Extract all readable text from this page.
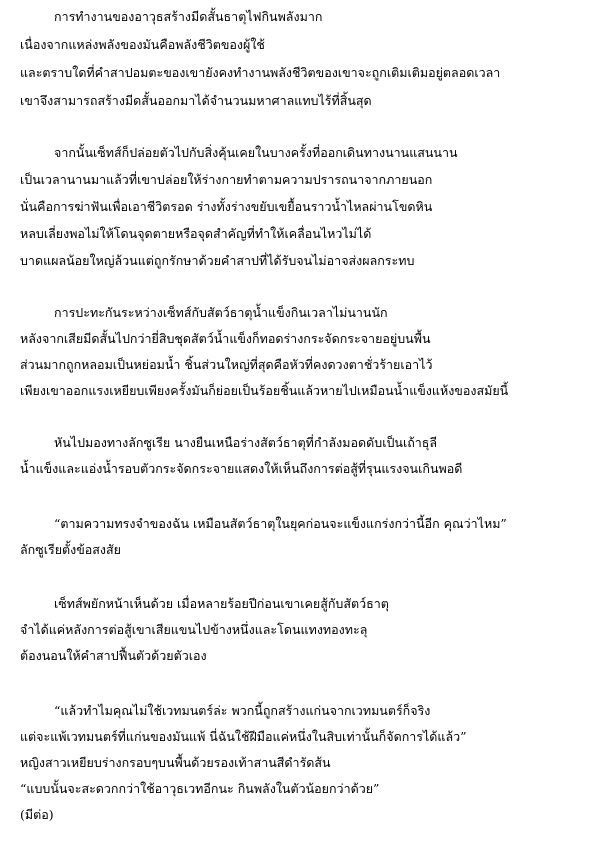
การทำงานของอาวุธสร้างมีดสั้นธาตุไฟกินพลังมาก
เนื่องจากแหล่งพลังของมันคือพลังชีวิตของผู้ใช้
และตราบใดที่คำสาปอมตะของเขายังคงทำงานพลังชีวิตของเขาจะถูกเติมเติมอยู่ตลอดเวลา
เขาจึงสามารถสร้างมีดสั้นออกมาได้จำนวนมหาศาลแทบไร้ที่สิ้นสุด
จากนั้นเซ็ทส์ก็ปล่อยตัวไปกับสิ่งคุ้นเคยในบางครั้งที่ออกเดินทางนานแสนนาน
เป็นเวลานานมาแล้วที่เขาปล่อยให้ร่างกายทำตามความปรารถนาจากภายนอก
นั่นคือการฆ่าฟันเพื่อเอาชีวิตรอด ร่างทั้งร่างขยับเขยื้อนราวน้ำไหลผ่านโขดหิน
หลบเลี่ยงพอไม่ให้โดนจุดตายหรือจุดสำคัญที่ทำให้เคลื่อนไหวไม่ได้
บาดแผลน้อยใหญ่ล้วนแต่ถูกรักษาด้วยคำสาปที่ได้รับจนไม่อาจส่งผลกระทบ
การปะทะกันระหว่างเซ็ทส์กับสัตว์ธาตุน้ำแข็งกินเวลาไม่นานนัก
หลังจากเสียมีดสั้นไปกว่ายี่สิบชุดสัตว์น้ำแข็งก็ทอดร่างกระจัดกระจายอยู่บนพื้น
ส่วนมากถูกหลอมเป็นหย่อมน้ำ ชิ้นส่วนใหญ่ที่สุดคือหัวที่คงดวงตาชั่วร้ายเอาไว้
เพียงเขาออกแรงเหยียบเพียงครั้งมันก็ย่อยเป็นร้อยชิ้นแล้วหายไปเหมือนน้ำแข็งแห้งของสมัยนี้
หันไปมองทางลักซูเรีย นางยืนเหนือร่างสัตว์ธาตุที่กำลังมอดดับเป็นเถ้าธุลี
น้ำแข็งและแอ่งน้ำรอบตัวกระจัดกระจายแสดงให้เห็นถึงการต่อสู้ที่รุนแรงจนเกินพอดี
“ตามความทรงจำของฉัน เหมือนสัตว์ธาตุในยุคก่อนจะแข็งแกร่งกว่านี้อีก คุณว่าไหม”
ลักซูเรียตั้งข้อสงสัย
เซ็ทส์พยักหน้าเห็นด้วย เมื่อหลายร้อยปีก่อนเขาเคยสู้กับสัตว์ธาตุ
จำได้แค่หลังการต่อสู้เขาเสียแขนไปข้างหนึ่งและโดนแทงทองทะลุ
ต้องนอนให้คำสาปฟื้นตัวด้วยตัวเอง
“แล้วทำไมคุณไม่ใช้เวทมนตร์ล่ะ พวกนี้ถูกสร้างแก่นจากเวทมนตร์ก็จริง
แต่จะแพ้เวทมนตร์ที่แก่นของมันแพ้ นี่ฉันใช้ฝีมือแค่หนึ่งในสิบเท่านั้นก็จัดการได้แล้ว”
หญิงสาวเหยียบร่างกรอบๆบนพื้นด้วยรองเท้าสานสีดำรัดส้น
“แบบนั้นจะสะดวกกว่าใช้อาวุธเวทอีกนะ กินพลังในตัวน้อยกว่าด้วย”
(มีต่อ)
